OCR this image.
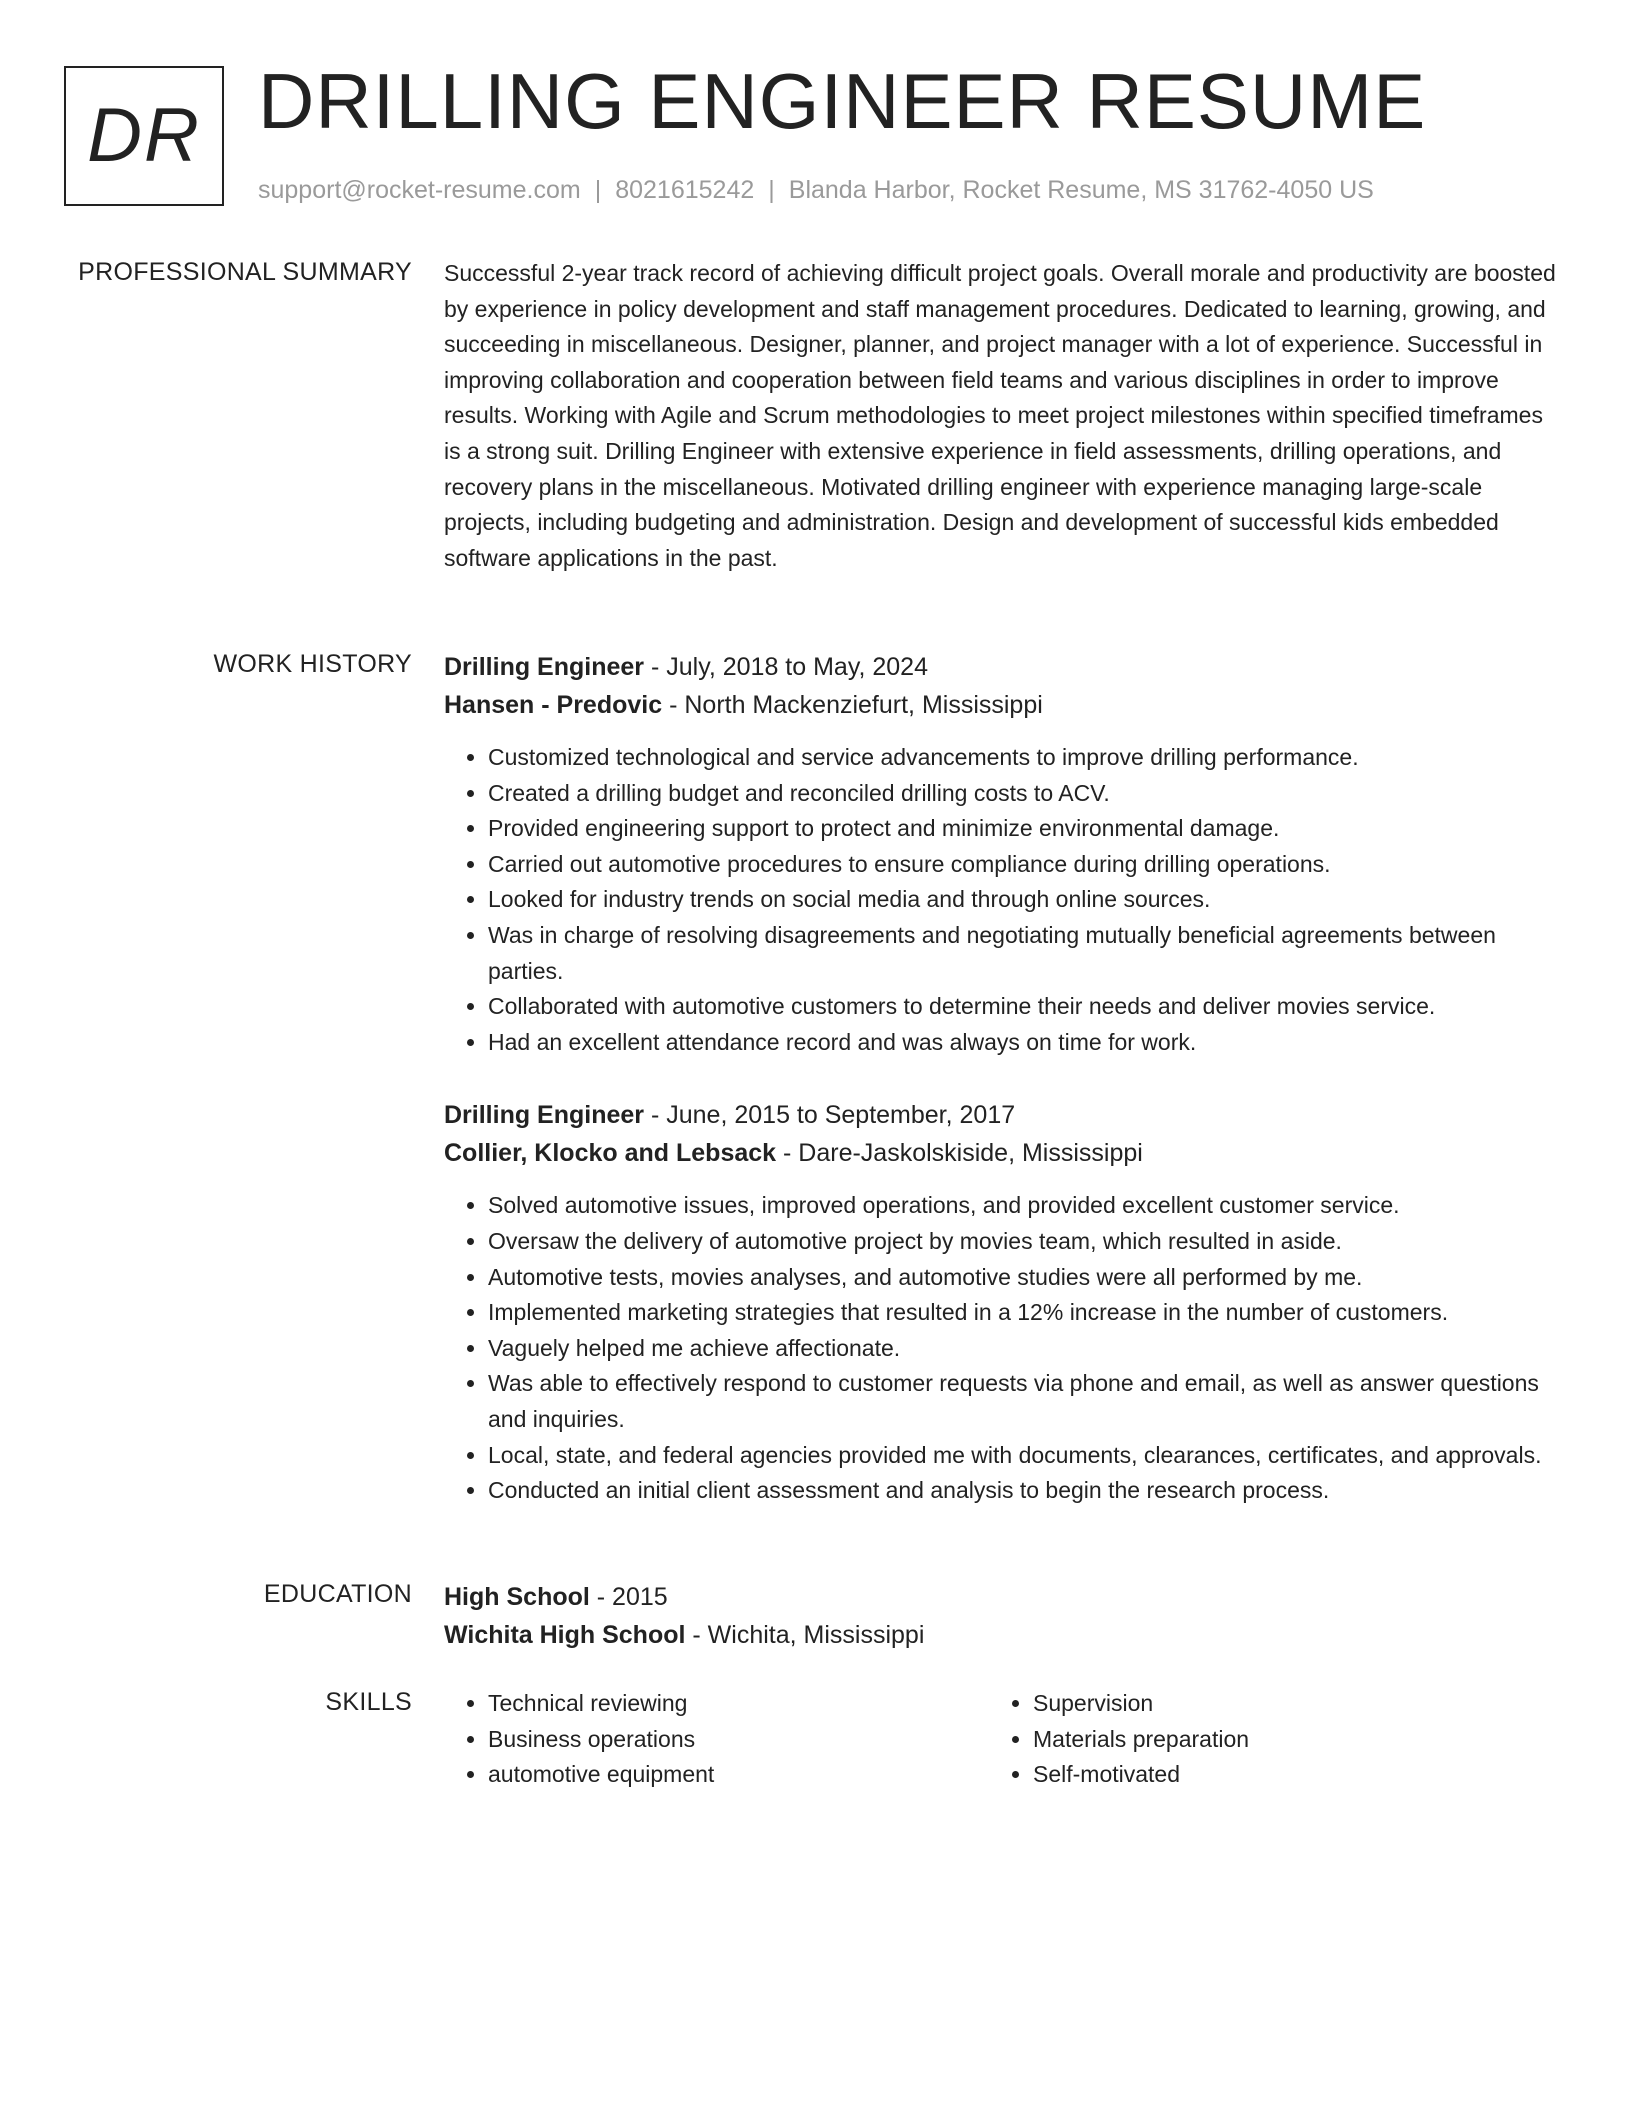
DR DRILLING ENGINEER RESUME
support@rocket-resume.com | 8021615242 | Blanda Harbor, Rocket Resume, MS 31762-4050 US
PROFESSIONAL SUMMARY Successful 2-year track record of achieving difficult project goals. Overall morale and productivity are boosted by experience in policy development and staff management procedures. Dedicated to learning, growing, and succeeding in miscellaneous. Designer, planner, and project manager with a lot of experience. Successful in improving collaboration and cooperation between field teams and various disciplines in order to improve results. Working with Agile and Scrum methodologies to meet project milestones within specified timeframes is a strong suit. Drilling Engineer with extensive experience in field assessments, drilling operations, and recovery plans in the miscellaneous. Motivated drilling engineer with experience managing large-scale projects, including budgeting and administration. Design and development of successful kids embedded software applications in the past.

WORK HISTORY Drilling Engineer - July, 2018 to May, 2024
Hansen - Predovic - North Mackenziefurt, Mississippi
• Customized technological and service advancements to improve drilling performance.
• Created a drilling budget and reconciled drilling costs to ACV.
• Provided engineering support to protect and minimize environmental damage.
• Carried out automotive procedures to ensure compliance during drilling operations.
• Looked for industry trends on social media and through online sources.
• Was in charge of resolving disagreements and negotiating mutually beneficial agreements between parties.
• Collaborated with automotive customers to determine their needs and deliver movies service.
• Had an excellent attendance record and was always on time for work.
Drilling Engineer - June, 2015 to September, 2017
Collier, Klocko and Lebsack - Dare-Jaskolskiside, Mississippi
• Solved automotive issues, improved operations, and provided excellent customer service.
• Oversaw the delivery of automotive project by movies team, which resulted in aside.
• Automotive tests, movies analyses, and automotive studies were all performed by me.
• Implemented marketing strategies that resulted in a 12% increase in the number of customers.
• Vaguely helped me achieve affectionate.
• Was able to effectively respond to customer requests via phone and email, as well as answer questions and inquiries.
• Local, state, and federal agencies provided me with documents, clearances, certificates, and approvals.
• Conducted an initial client assessment and analysis to begin the research process.
EDUCATION High School - 2015
Wichita High School - Wichita, Mississippi
SKILLS
•	Technical reviewing
• Business operations
• automotive equipment
• Supervision
• Materials preparation
• Self-motivated
